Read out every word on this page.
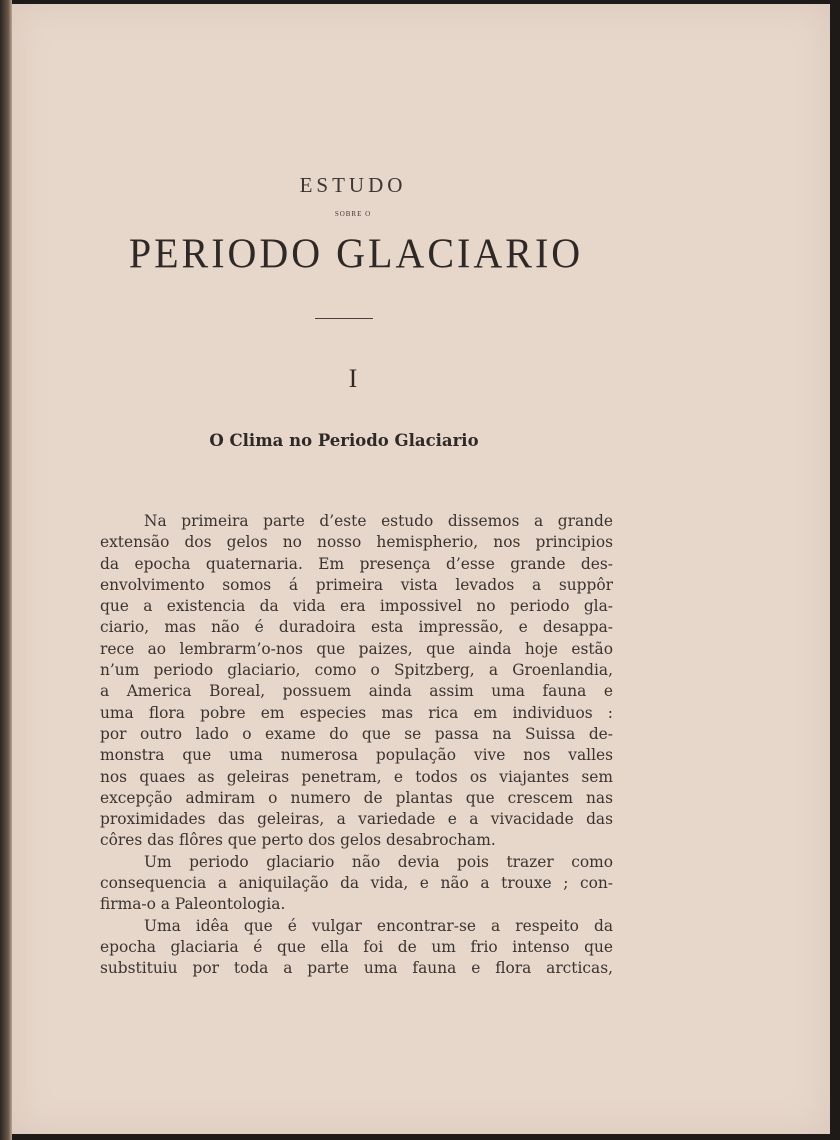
ESTUDO
SOBRE O
PERIODO GLACIARIO
I
O Clima no Periodo Glaciario
Na primeira parte d’este estudo dissemos a grande
extensão dos gelos no nosso hemispherio, nos principios
da epocha quaternaria. Em presença d’esse grande des-
envolvimento somos á primeira vista levados a suppôr
que a existencia da vida era impossivel no periodo gla-
ciario, mas não é duradoira esta impressão, e desappa-
rece ao lembrarm’o-nos que paizes, que ainda hoje estão
n’um periodo glaciario, como o Spitzberg, a Groenlandia,
a America Boreal, possuem ainda assim uma fauna e
uma flora pobre em especies mas rica em individuos :
por outro lado o exame do que se passa na Suissa de-
monstra que uma numerosa população vive nos valles
nos quaes as geleiras penetram, e todos os viajantes sem
excepção admiram o numero de plantas que crescem nas
proximidades das geleiras, a variedade e a vivacidade das
côres das flôres que perto dos gelos desabrocham.
Um periodo glaciario não devia pois trazer como
consequencia a aniquilação da vida, e não a trouxe ; con-
firma-o a Paleontologia.
Uma idêa que é vulgar encontrar-se a respeito da
epocha glaciaria é que ella foi de um frio intenso que
substituiu por toda a parte uma fauna e flora arcticas,
